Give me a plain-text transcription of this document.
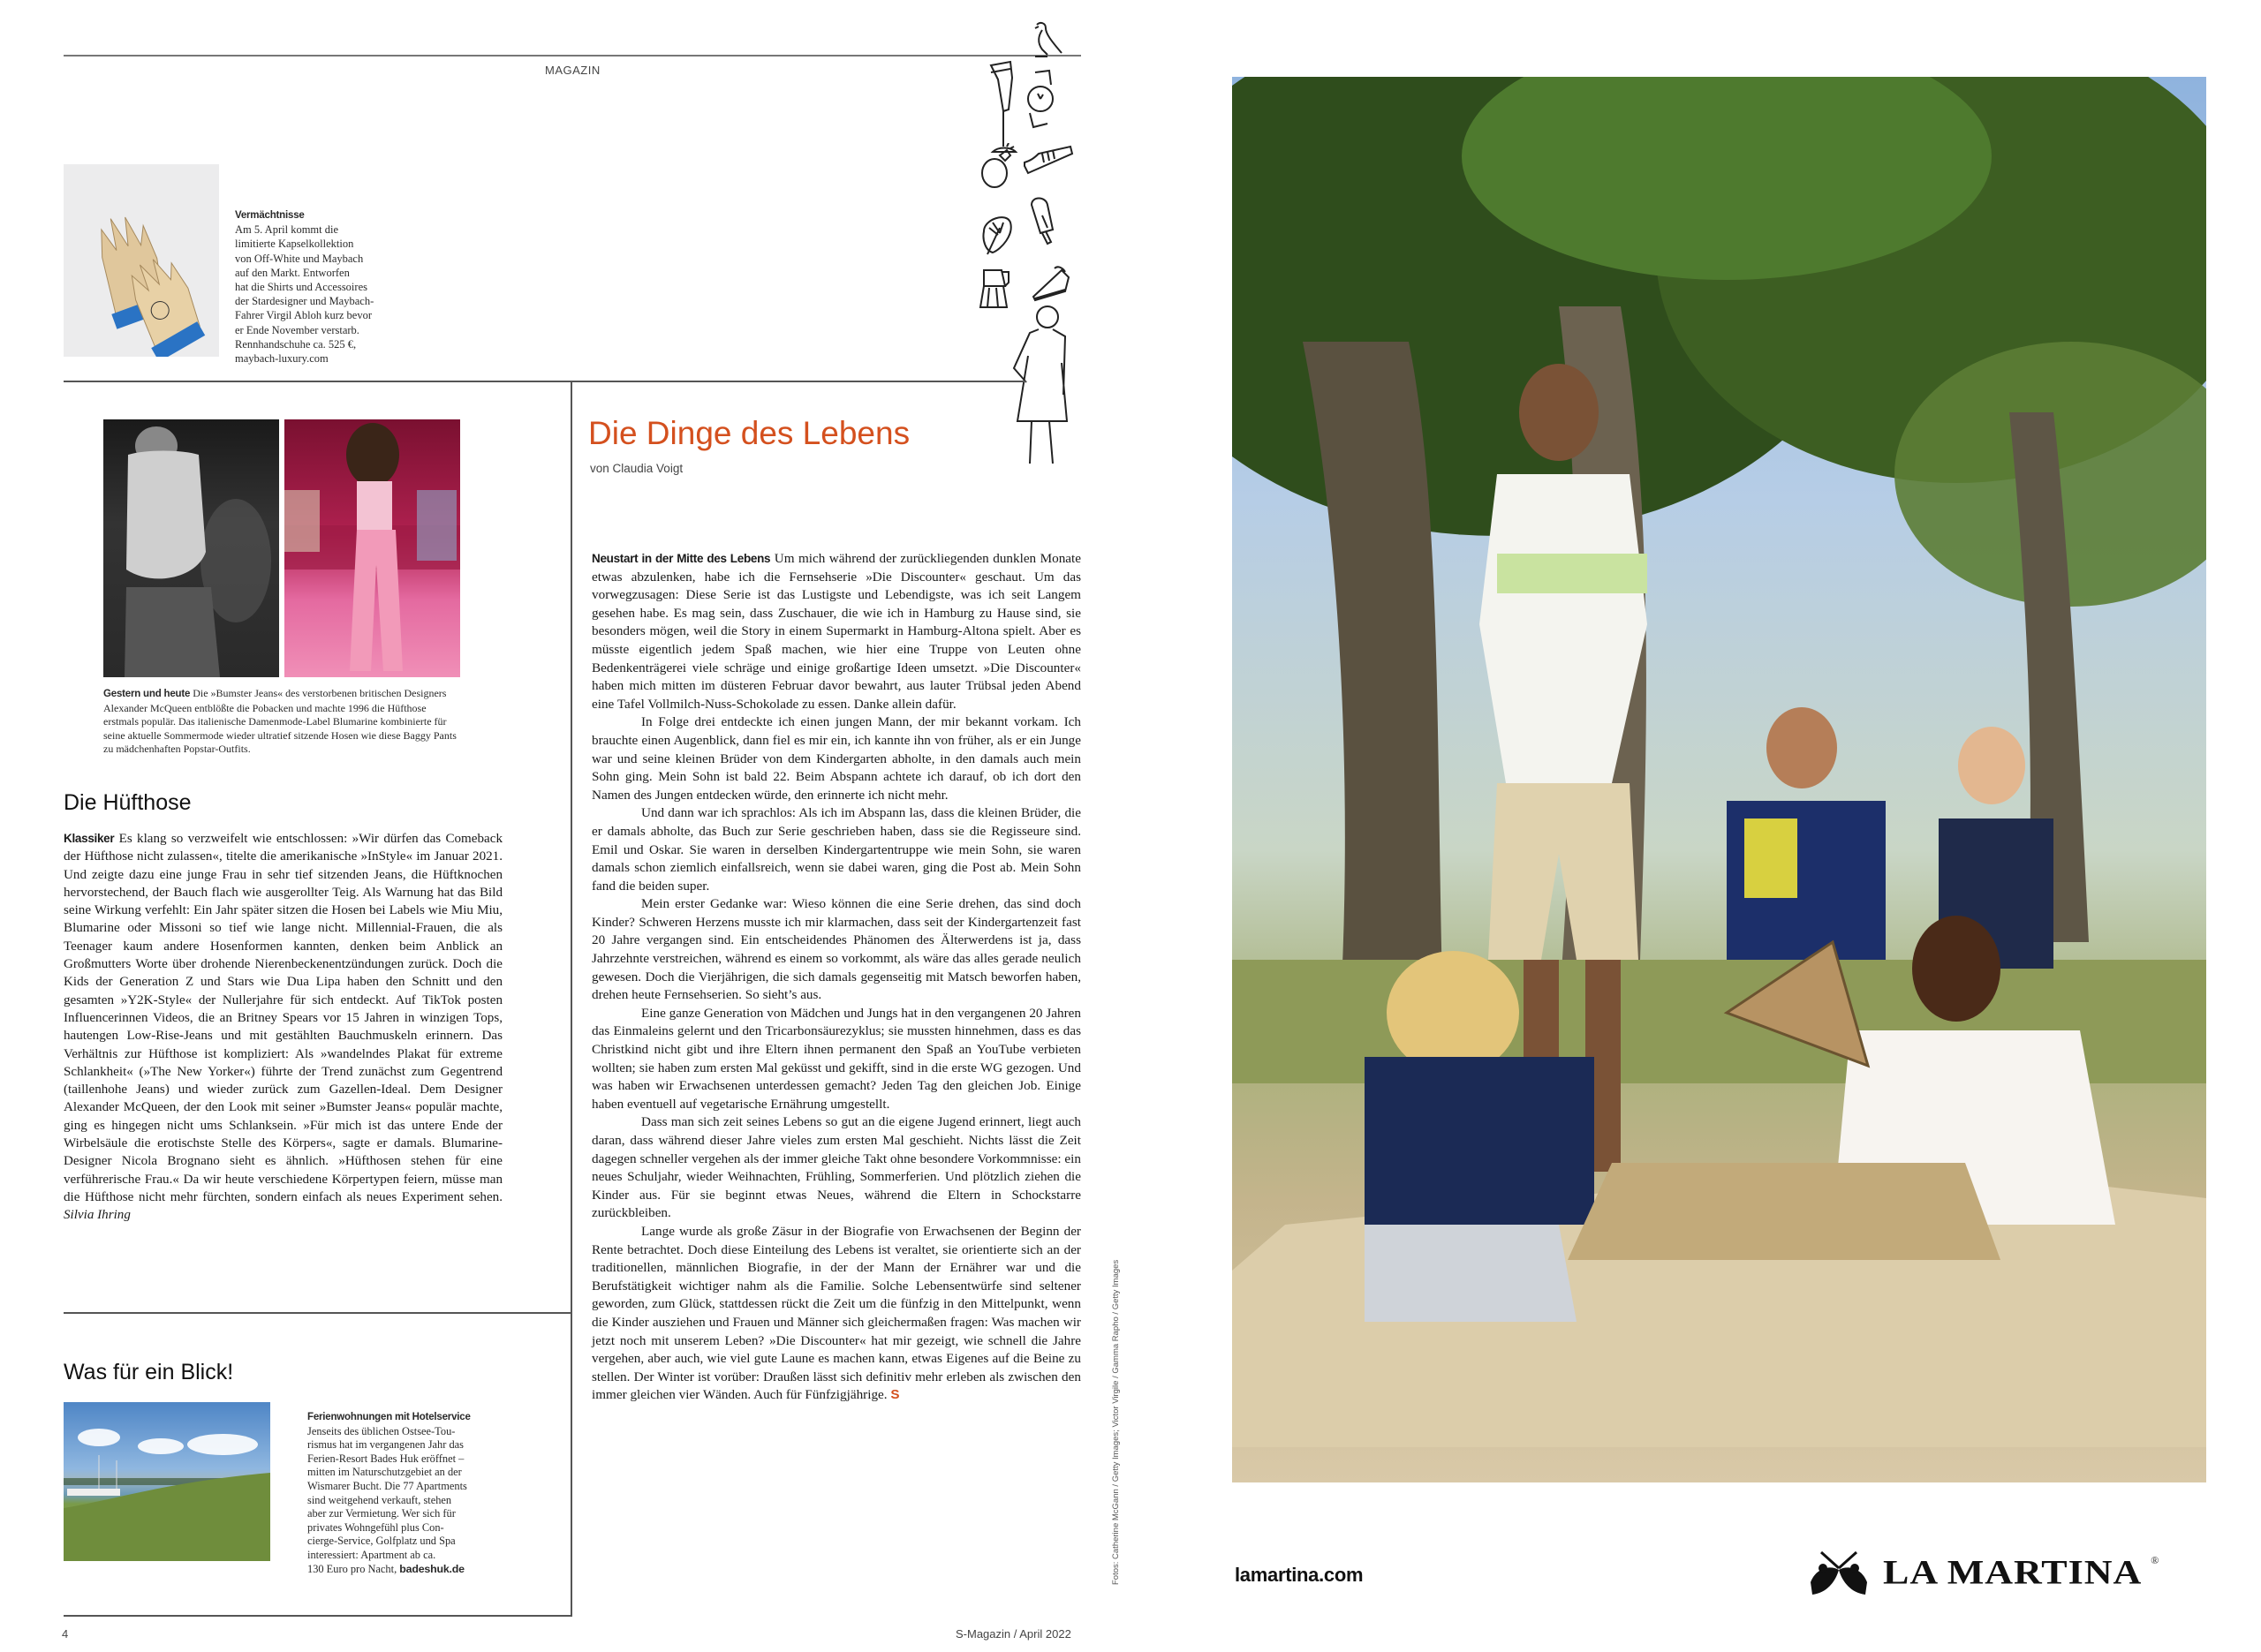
MAGAZIN
Vermächtnisse
Am 5. April kommt die
limitierte Kapselkollektion
von Off-White und Maybach
auf den Markt. Entworfen
hat die Shirts und Accessoires
der Stardesigner und Maybach-
Fahrer Virgil Abloh kurz bevor
er Ende November verstarb.
Rennhandschuhe ca. 525 €,
maybach-luxury.com
Gestern und heute Die »Bumster Jeans« des verstorbenen britischen Designers Alexander McQueen entblößte die Pobacken und machte 1996 die Hüfthose erstmals populär. Das italienische Damenmode-Label Blumarine kombinierte für seine aktuelle Sommermode wieder ultratief sitzende Hosen wie diese Baggy Pants zu mädchenhaften Popstar-Outfits.
Die Hüfthose

Klassiker Es klang so verzweifelt wie entschlossen: »Wir dürfen das Comeback der Hüfthose nicht zulassen«, titelte die amerikanische »InStyle« im Januar 2021. Und zeigte dazu eine junge Frau in sehr tief sitzenden Jeans, die Hüftknochen hervorstechend, der Bauch flach wie ausgerollter Teig. Als Warnung hat das Bild seine Wirkung verfehlt: Ein Jahr später sitzen die Hosen bei Labels wie Miu Miu, Blumarine oder Missoni so tief wie lange nicht. Millennial-Frauen, die als Teenager kaum andere Hosenformen kannten, denken beim Anblick an Großmutters Worte über drohende Nierenbeckenentzündungen zurück. Doch die Kids der Generation Z und Stars wie Dua Lipa haben den Schnitt und den gesamten »Y2K-Style« der Nullerjahre für sich entdeckt. Auf TikTok posten Influencerinnen Videos, die an Britney Spears vor 15 Jahren in winzigen Tops, hautengen Low-Rise-Jeans und mit gestählten Bauchmuskeln erinnern. Das Verhältnis zur Hüfthose ist kompliziert: Als »wandelndes Plakat für extreme Schlankheit« (»The New Yorker«) führte der Trend zunächst zum Gegentrend (taillenhohe Jeans) und wieder zurück zum Gazellen-Ideal. Dem Designer Alexander McQueen, der den Look mit seiner »Bumster Jeans« populär machte, ging es hingegen nicht ums Schlanksein. »Für mich ist das untere Ende der Wirbelsäule die erotischste Stelle des Körpers«, sagte er damals. Blumarine-Designer Nicola Brognano sieht es ähnlich. »Hüfthosen stehen für eine verführerische Frau.« Da wir heute verschiedene Körpertypen feiern, müsse man die Hüfthose nicht mehr fürchten, sondern einfach als neues Experiment sehen. Silvia Ihring

Was für ein Blick!
Ferienwohnungen mit Hotelservice
Jenseits des üblichen Ostsee-Tou-
rismus hat im vergangenen Jahr das
Ferien-Resort Bades Huk eröffnet –
mitten im Naturschutzgebiet an der
Wismarer Bucht. Die 77 Apartments
sind weitgehend verkauft, stehen
aber zur Vermietung. Wer sich für
privates Wohngefühl plus Con-
cierge-Service, Golfplatz und Spa
interessiert: Apartment ab ca.
130 Euro pro Nacht, badeshuk.de
Die Dinge des Lebens
von Claudia Voigt

Neustart in der Mitte des Lebens Um mich während der zurückliegenden dunklen Monate etwas abzulenken, habe ich die Fernsehserie »Die Discounter« geschaut. Um das vorwegzusagen: Diese Serie ist das Lustigste und Lebendigste, was ich seit Langem gesehen habe. Es mag sein, dass Zuschauer, die wie ich in Hamburg zu Hause sind, sie besonders mögen, weil die Story in einem Supermarkt in Hamburg-Altona spielt. Aber es müsste eigentlich jedem Spaß machen, wie hier eine Truppe von Leuten ohne Bedenkenträgerei viele schräge und einige großartige Ideen umsetzt. »Die Discounter« haben mich mitten im düsteren Februar davor bewahrt, aus lauter Trübsal jeden Abend eine Tafel Vollmilch-Nuss-Schokolade zu essen. Danke allein dafür.

In Folge drei entdeckte ich einen jungen Mann, der mir bekannt vorkam. Ich brauchte einen Augenblick, dann fiel es mir ein, ich kannte ihn von früher, als er ein Junge war und seine kleinen Brüder von dem Kindergarten abholte, in den damals auch mein Sohn ging. Mein Sohn ist bald 22. Beim Abspann achtete ich darauf, ob ich dort den Namen des Jungen entdecken würde, den erinnerte ich nicht mehr.

Und dann war ich sprachlos: Als ich im Abspann las, dass die kleinen Brüder, die er damals abholte, das Buch zur Serie geschrieben haben, dass sie die Regisseure sind. Emil und Oskar. Sie waren in derselben Kindergartentruppe wie mein Sohn, sie waren damals schon ziemlich einfallsreich, wenn sie dabei waren, ging die Post ab. Mein Sohn fand die beiden super.

Mein erster Gedanke war: Wieso können die eine Serie drehen, das sind doch Kinder? Schweren Herzens musste ich mir klarmachen, dass seit der Kindergartenzeit fast 20 Jahre vergangen sind. Ein entscheidendes Phänomen des Älterwerdens ist ja, dass Jahrzehnte verstreichen, während es einem so vorkommt, als wäre das alles gerade neulich gewesen. Doch die Vierjährigen, die sich damals gegenseitig mit Matsch beworfen haben, drehen heute Fernsehserien. So sieht’s aus.

Eine ganze Generation von Mädchen und Jungs hat in den vergangenen 20 Jahren das Einmaleins gelernt und den Tricarbonsäurezyklus; sie mussten hinnehmen, dass es das Christkind nicht gibt und ihre Eltern ihnen permanent den Spaß an YouTube verbieten wollten; sie haben zum ersten Mal geküsst und gekifft, sind in die erste WG gezogen. Und was haben wir Erwachsenen unterdessen gemacht? Jeden Tag den gleichen Job. Einige haben eventuell auf vegetarische Ernährung umgestellt.

Dass man sich zeit seines Lebens so gut an die eigene Jugend erinnert, liegt auch daran, dass während dieser Jahre vieles zum ersten Mal geschieht. Nichts lässt die Zeit dagegen schneller vergehen als der immer gleiche Takt ohne besondere Vorkommnisse: ein neues Schuljahr, wieder Weihnachten, Frühling, Sommerferien. Und plötzlich ziehen die Kinder aus. Für sie beginnt etwas Neues, während die Eltern in Schockstarre zurückbleiben.

Lange wurde als große Zäsur in der Biografie von Erwachsenen der Beginn der Rente betrachtet. Doch diese Einteilung des Lebens ist veraltet, sie orientierte sich an der traditionellen, männlichen Biografie, in der der Mann der Ernährer war und die Berufstätigkeit wichtiger nahm als die Familie. Solche Lebensentwürfe sind seltener geworden, zum Glück, stattdessen rückt die Zeit um die fünfzig in den Mittelpunkt, wenn die Kinder ausziehen und Frauen und Männer sich gleichermaßen fragen: Was machen wir jetzt noch mit unserem Leben? »Die Discounter« hat mir gezeigt, wie schnell die Jahre vergehen, aber auch, wie viel gute Laune es machen kann, etwas Eigenes auf die Beine zu stellen. Der Winter ist vorüber: Draußen lässt sich definitiv mehr erleben als zwischen den immer gleichen vier Wänden. Auch für Fünfzigjährige. S	Fotos: Catherine McGann / Getty Images; Victor Virgile / Gamma Rapho / Getty Images
4	S-Magazin / April 2022
lamartina.com	LA MARTINA ®
